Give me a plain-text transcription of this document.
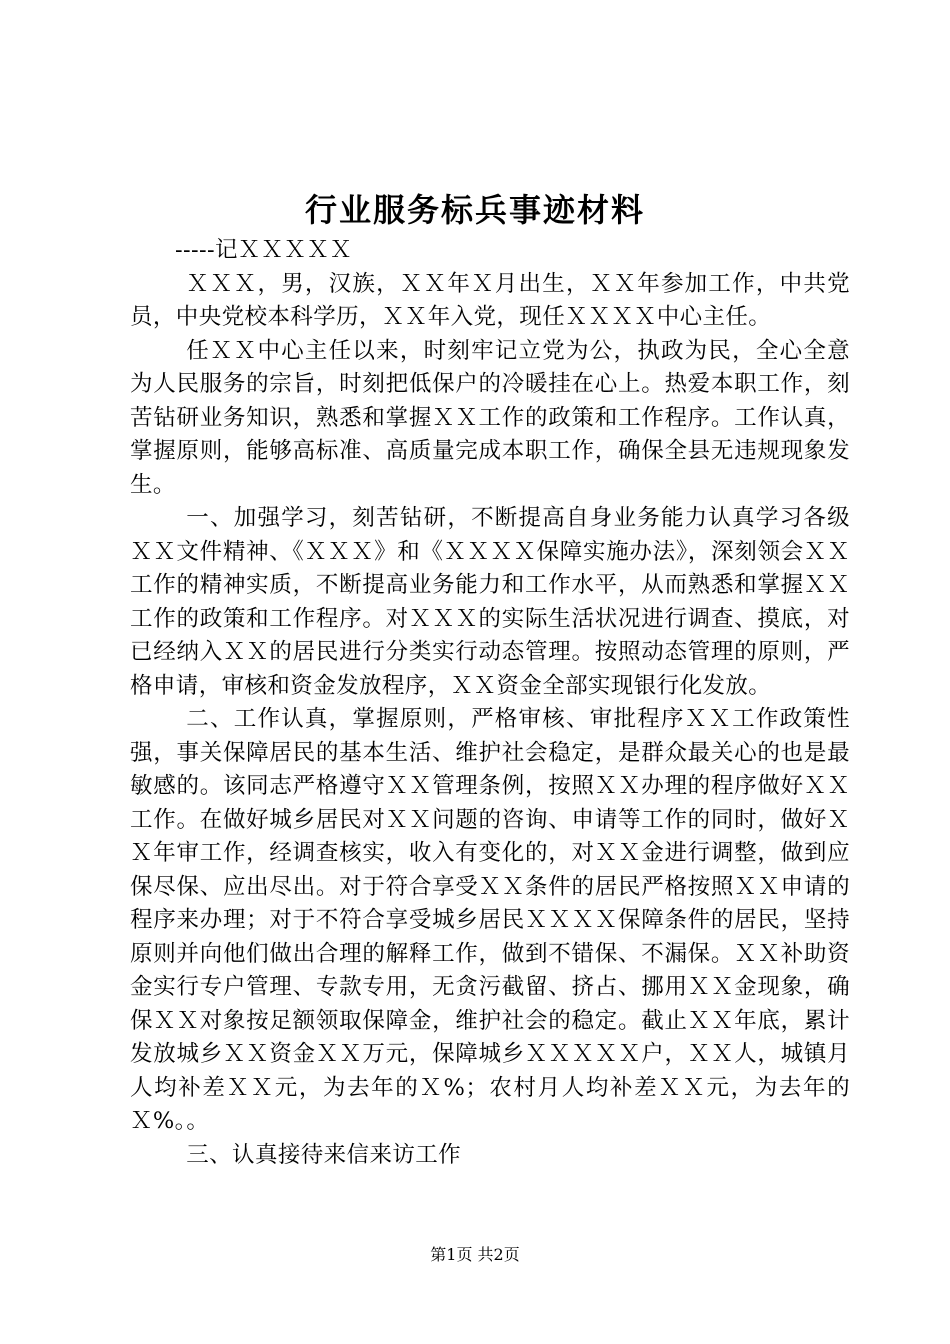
行业服务标兵事迹材料

-----记ＸＸＸＸＸ

ＸＸＸ，男，汉族，ＸＸ年Ｘ月出生，ＸＸ年参加工作，中共党员，中央党校本科学历，ＸＸ年入党，现任ＸＸＸＸ中心主任。

任ＸＸ中心主任以来，时刻牢记立党为公，执政为民，全心全意为人民服务的宗旨，时刻把低保户的冷暖挂在心上。热爱本职工作，刻苦钻研业务知识，熟悉和掌握ＸＸ工作的政策和工作程序。工作认真，掌握原则，能够高标准、高质量完成本职工作，确保全县无违规现象发生。

一、加强学习，刻苦钻研，不断提高自身业务能力认真学习各级ＸＸ文件精神、《ＸＸＸ》和《ＸＸＸＸ保障实施办法》，深刻领会ＸＸ工作的精神实质，不断提高业务能力和工作水平，从而熟悉和掌握ＸＸ工作的政策和工作程序。对ＸＸＸ的实际生活状况进行调查、摸底，对已经纳入ＸＸ的居民进行分类实行动态管理。按照动态管理的原则，严格申请，审核和资金发放程序，ＸＸ资金全部实现银行化发放。

二、工作认真，掌握原则，严格审核、审批程序ＸＸ工作政策性强，事关保障居民的基本生活、维护社会稳定，是群众最关心的也是最敏感的。该同志严格遵守ＸＸ管理条例，按照ＸＸ办理的程序做好ＸＸ工作。在做好城乡居民对ＸＸ问题的咨询、申请等工作的同时，做好ＸＸ年审工作，经调查核实，收入有变化的，对ＸＸ金进行调整，做到应保尽保、应出尽出。对于符合享受ＸＸ条件的居民严格按照ＸＸ申请的程序来办理；对于不符合享受城乡居民ＸＸＸＸ保障条件的居民，坚持原则并向他们做出合理的解释工作，做到不错保、不漏保。ＸＸ补助资金实行专户管理、专款专用，无贪污截留、挤占、挪用ＸＸ金现象，确保ＸＸ对象按足额领取保障金，维护社会的稳定。截止ＸＸ年底，累计发放城乡ＸＸ资金ＸＸ万元，保障城乡ＸＸＸＸＸ户，ＸＸ人，城镇月人均补差ＸＸ元，为去年的Ｘ%；农村月人均补差ＸＸ元，为去年的Ｘ%。。

三、认真接待来信来访工作

第1页 共2页
